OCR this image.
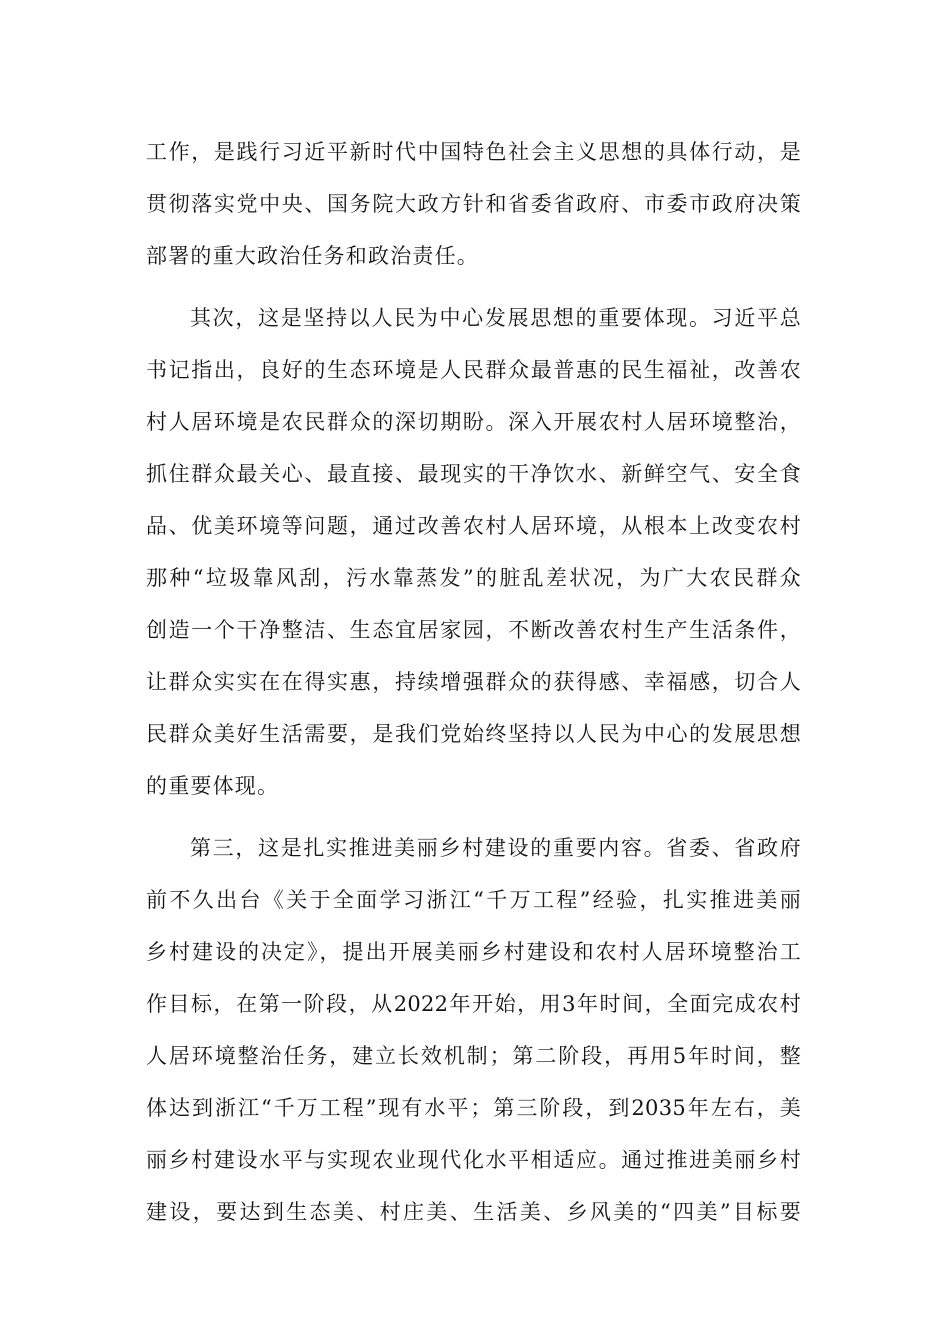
工作，是践行习近平新时代中国特色社会主义思想的具体行动，是
贯彻落实党中央、国务院大政方针和省委省政府、市委市政府决策
部署的重大政治任务和政治责任。
其次，这是坚持以人民为中心发展思想的重要体现。习近平总
书记指出，良好的生态环境是人民群众最普惠的民生福祉，改善农
村人居环境是农民群众的深切期盼。深入开展农村人居环境整治，
抓住群众最关心、最直接、最现实的干净饮水、新鲜空气、安全食
品、优美环境等问题，通过改善农村人居环境，从根本上改变农村
那种“垃圾靠风刮，污水靠蒸发”的脏乱差状况，为广大农民群众
创造一个干净整洁、生态宜居家园，不断改善农村生产生活条件，
让群众实实在在得实惠，持续增强群众的获得感、幸福感，切合人
民群众美好生活需要，是我们党始终坚持以人民为中心的发展思想
的重要体现。
第三，这是扎实推进美丽乡村建设的重要内容。省委、省政府
前不久出台《关于全面学习浙江“千万工程”经验，扎实推进美丽
乡村建设的决定》，提出开展美丽乡村建设和农村人居环境整治工
作目标，在第一阶段，从2022年开始，用3年时间，全面完成农村
人居环境整治任务，建立长效机制；第二阶段，再用5年时间，整
体达到浙江“千万工程”现有水平；第三阶段，到2035年左右，美
丽乡村建设水平与实现农业现代化水平相适应。通过推进美丽乡村
建设，要达到生态美、村庄美、生活美、乡风美的“四美”目标要
